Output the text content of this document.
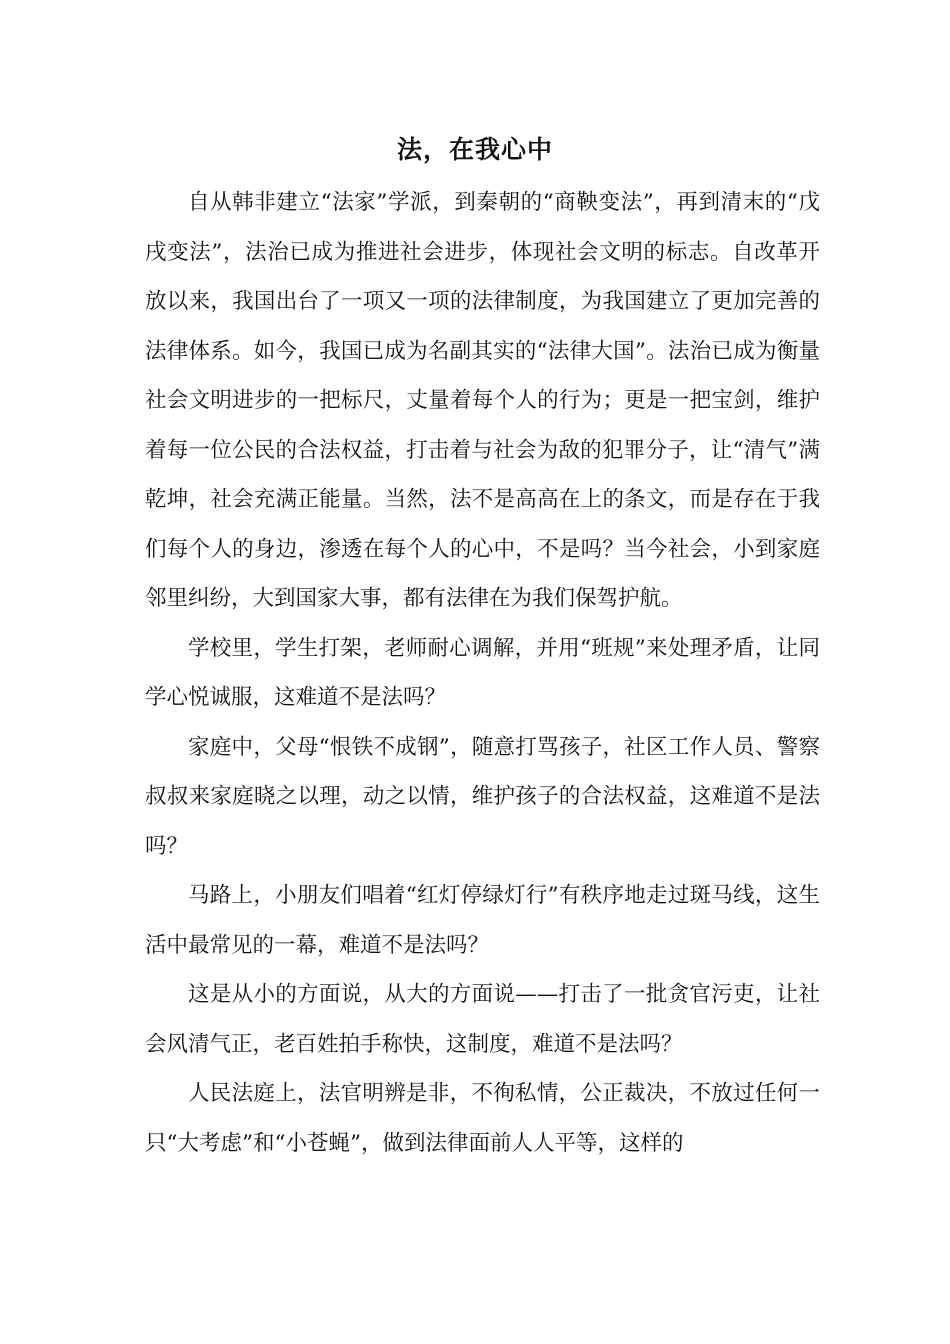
法，在我心中

自从韩非建立“法家”学派，到秦朝的“商鞅变法”，再到清末的“戊戌变法”，法治已成为推进社会进步，体现社会文明的标志。自改革开放以来，我国出台了一项又一项的法律制度，为我国建立了更加完善的法律体系。如今，我国已成为名副其实的“法律大国”。法治已成为衡量社会文明进步的一把标尺，丈量着每个人的行为；更是一把宝剑，维护着每一位公民的合法权益，打击着与社会为敌的犯罪分子，让“清气”满乾坤，社会充满正能量。当然，法不是高高在上的条文，而是存在于我们每个人的身边，渗透在每个人的心中，不是吗？当今社会，小到家庭邻里纠纷，大到国家大事，都有法律在为我们保驾护航。

学校里，学生打架，老师耐心调解，并用“班规”来处理矛盾，让同学心悦诚服，这难道不是法吗？

家庭中，父母“恨铁不成钢”，随意打骂孩子，社区工作人员、警察叔叔来家庭晓之以理，动之以情，维护孩子的合法权益，这难道不是法吗？

马路上，小朋友们唱着“红灯停绿灯行”有秩序地走过斑马线，这生活中最常见的一幕，难道不是法吗？

这是从小的方面说，从大的方面说——打击了一批贪官污吏，让社会风清气正，老百姓拍手称快，这制度，难道不是法吗？

人民法庭上，法官明辨是非，不徇私情，公正裁决，不放过任何一只“大考虑”和“小苍蝇”，做到法律面前人人平等，这样的
